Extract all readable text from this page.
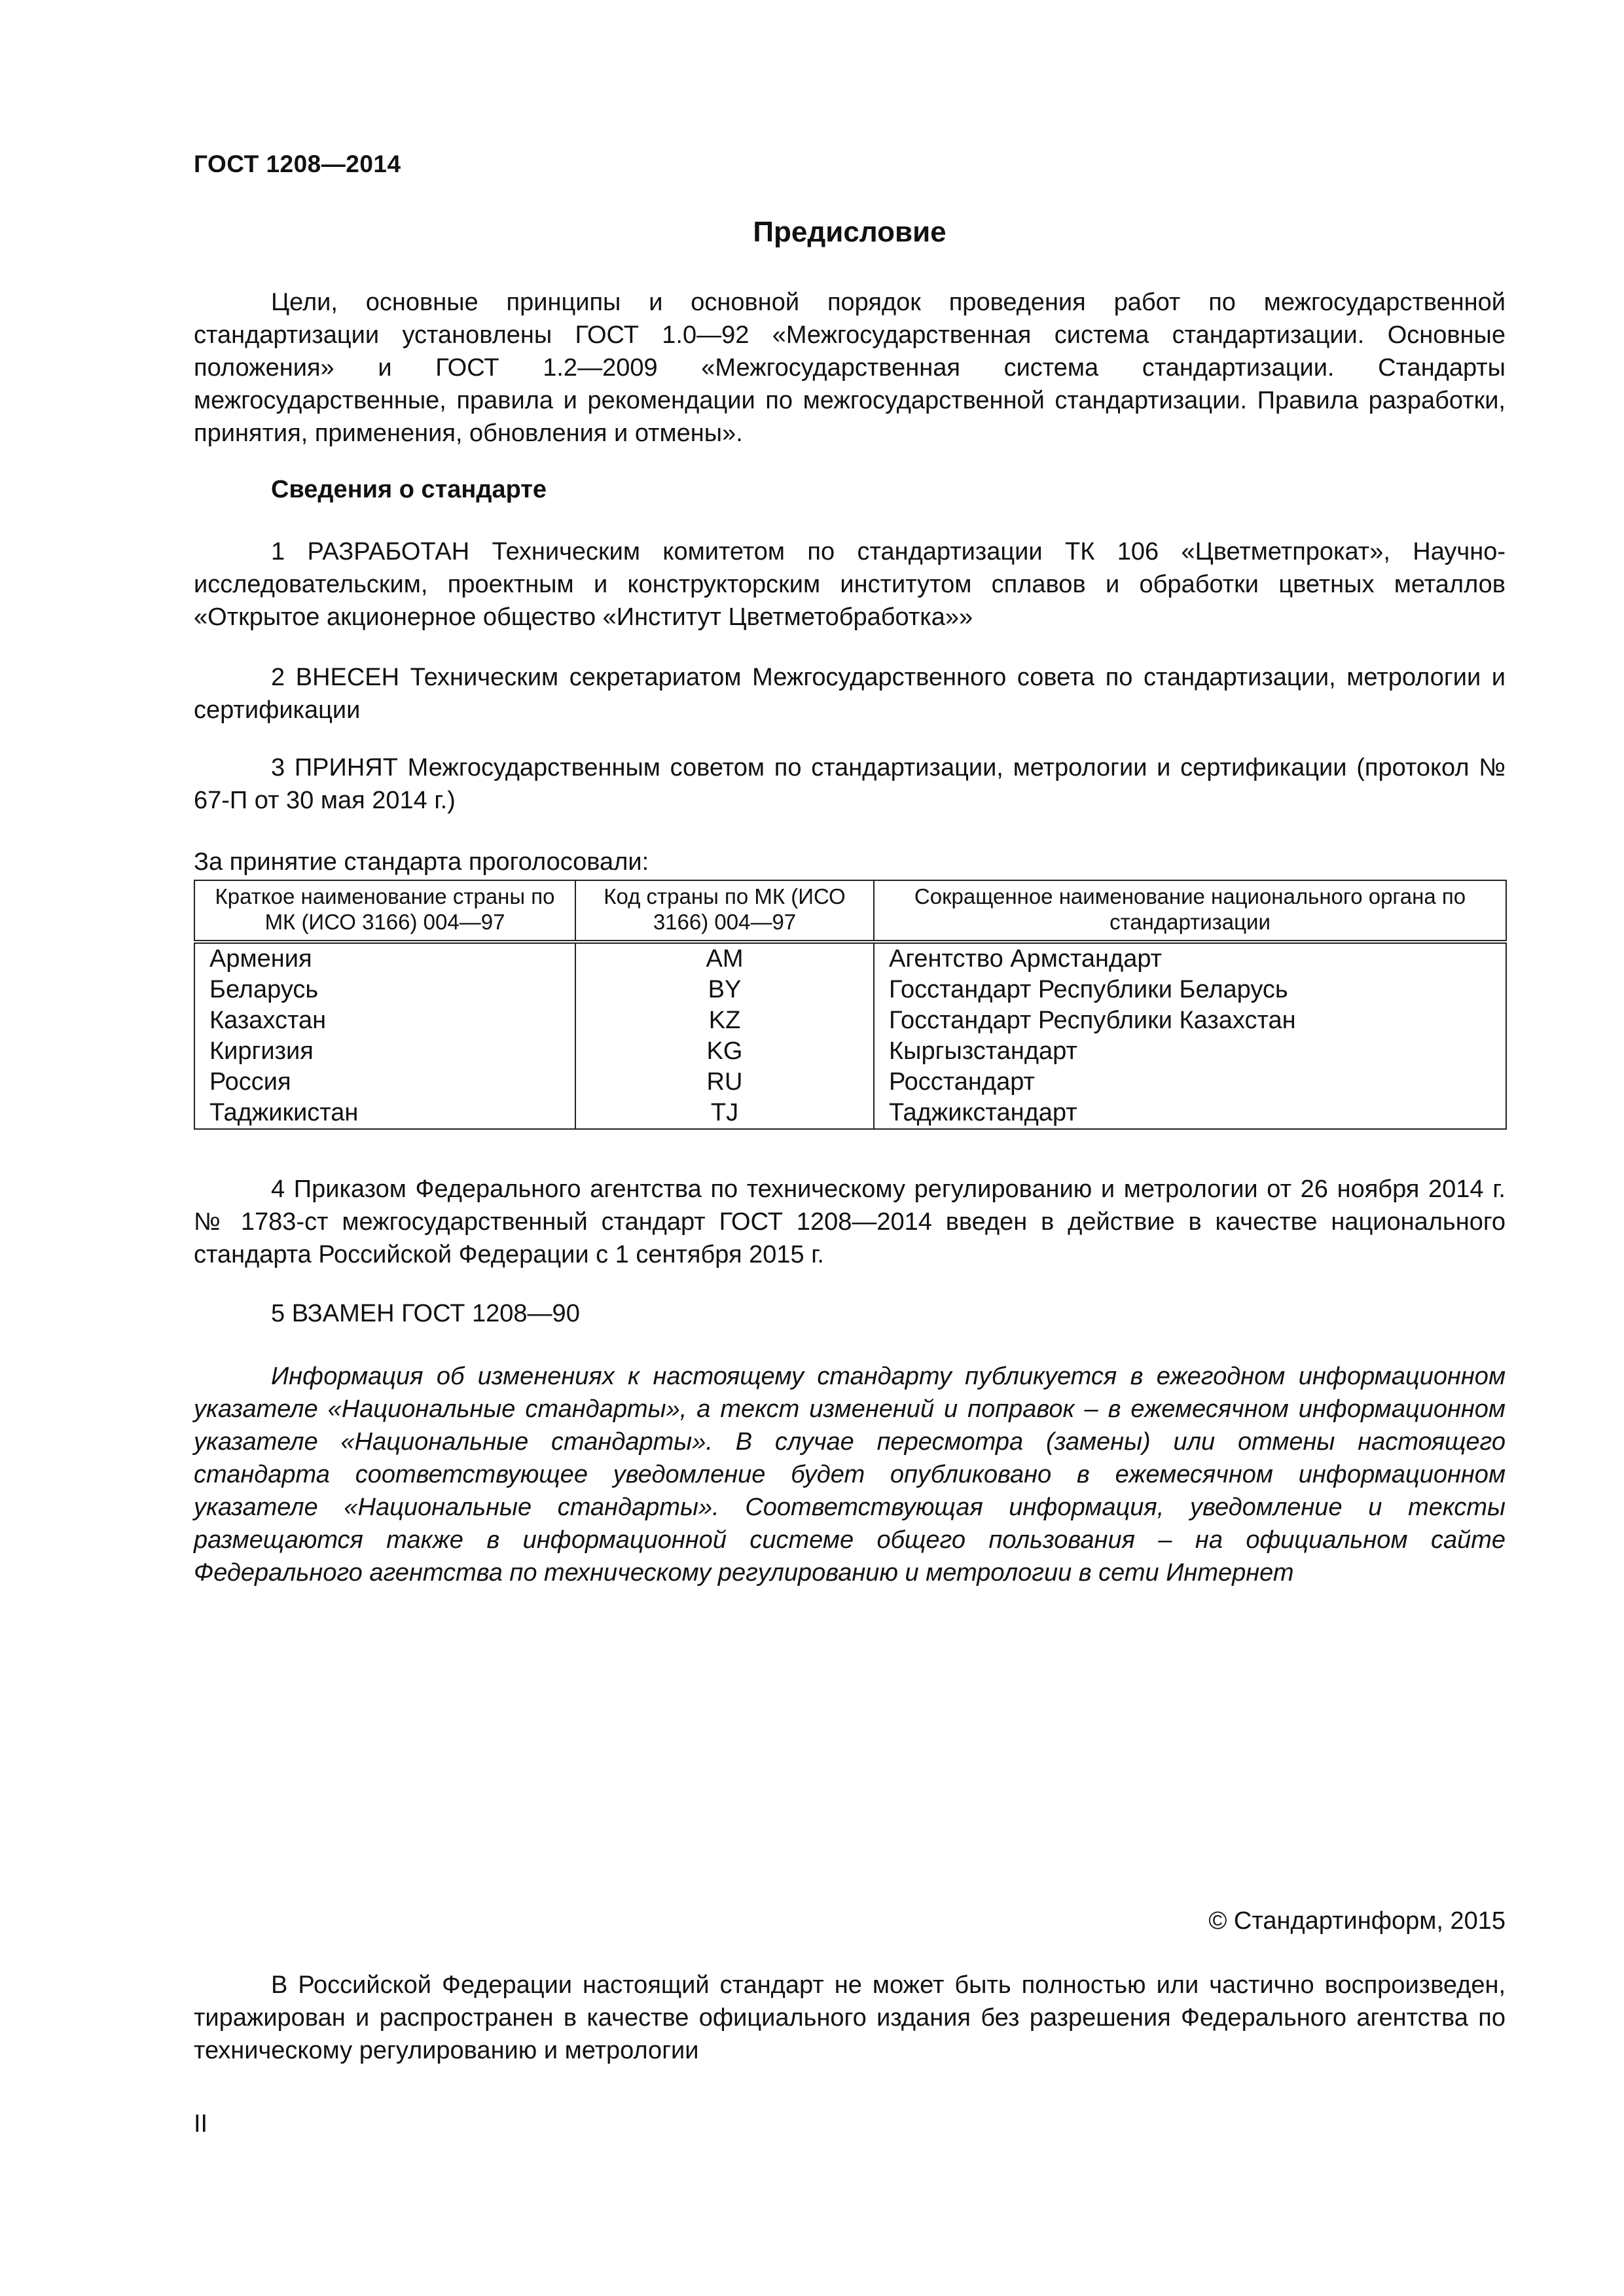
ГОСТ 1208—2014
Предисловие

Цели, основные принципы и основной порядок проведения работ по межгосударственной стандартизации установлены ГОСТ 1.0—92 «Межгосударственная система стандартизации. Основные положения» и ГОСТ 1.2—2009 «Межгосударственная система стандартизации. Стандарты межгосударственные, правила и рекомендации по межгосударственной стандартизации. Правила разработки, принятия, применения, обновления и отмены».

Сведения о стандарте

1 РАЗРАБОТАН Техническим комитетом по стандартизации ТК 106 «Цветметпрокат», Научно-исследовательским, проектным и конструкторским институтом сплавов и обработки цветных металлов «Открытое акционерное общество «Институт Цветметобработка»»

2 ВНЕСЕН Техническим секретариатом Межгосударственного совета по стандартизации, метрологии и сертификации

3 ПРИНЯТ Межгосударственным советом по стандартизации, метрологии и сертификации (протокол № 67-П от 30 мая 2014 г.)

За принятие стандарта проголосовали:
Краткое наименование страны по МК (ИСО 3166) 004—97	Код страны по МК (ИСО 3166) 004—97	Сокращенное наименование национального органа по стандартизации
Армения	AM	Агентство Армстандарт
Беларусь	BY	Госстандарт Республики Беларусь
Казахстан	KZ	Госстандарт Республики Казахстан
Киргизия	KG	Кыргызстандарт
Россия	RU	Росстандарт
Таджикистан	TJ	Таджикстандарт

4 Приказом Федерального агентства по техническому регулированию и метрологии от 26 ноября 2014 г. № 1783-ст межгосударственный стандарт ГОСТ 1208—2014 введен в действие в качестве национального стандарта Российской Федерации с 1 сентября 2015 г.

5 ВЗАМЕН ГОСТ 1208—90

Информация об изменениях к настоящему стандарту публикуется в ежегодном информационном указателе «Национальные стандарты», а текст изменений и поправок – в ежемесячном информационном указателе «Национальные стандарты». В случае пересмотра (замены) или отмены настоящего стандарта соответствующее уведомление будет опубликовано в ежемесячном информационном указателе «Национальные стандарты». Соответствующая информация, уведомление и тексты размещаются также в информационной системе общего пользования – на официальном сайте Федерального агентства по техническому регулированию и метрологии в сети Интернет

© Стандартинформ, 2015

В Российской Федерации настоящий стандарт не может быть полностью или частично воспроизведен, тиражирован и распространен в качестве официального издания без разрешения Федерального агентства по техническому регулированию и метрологии

II
